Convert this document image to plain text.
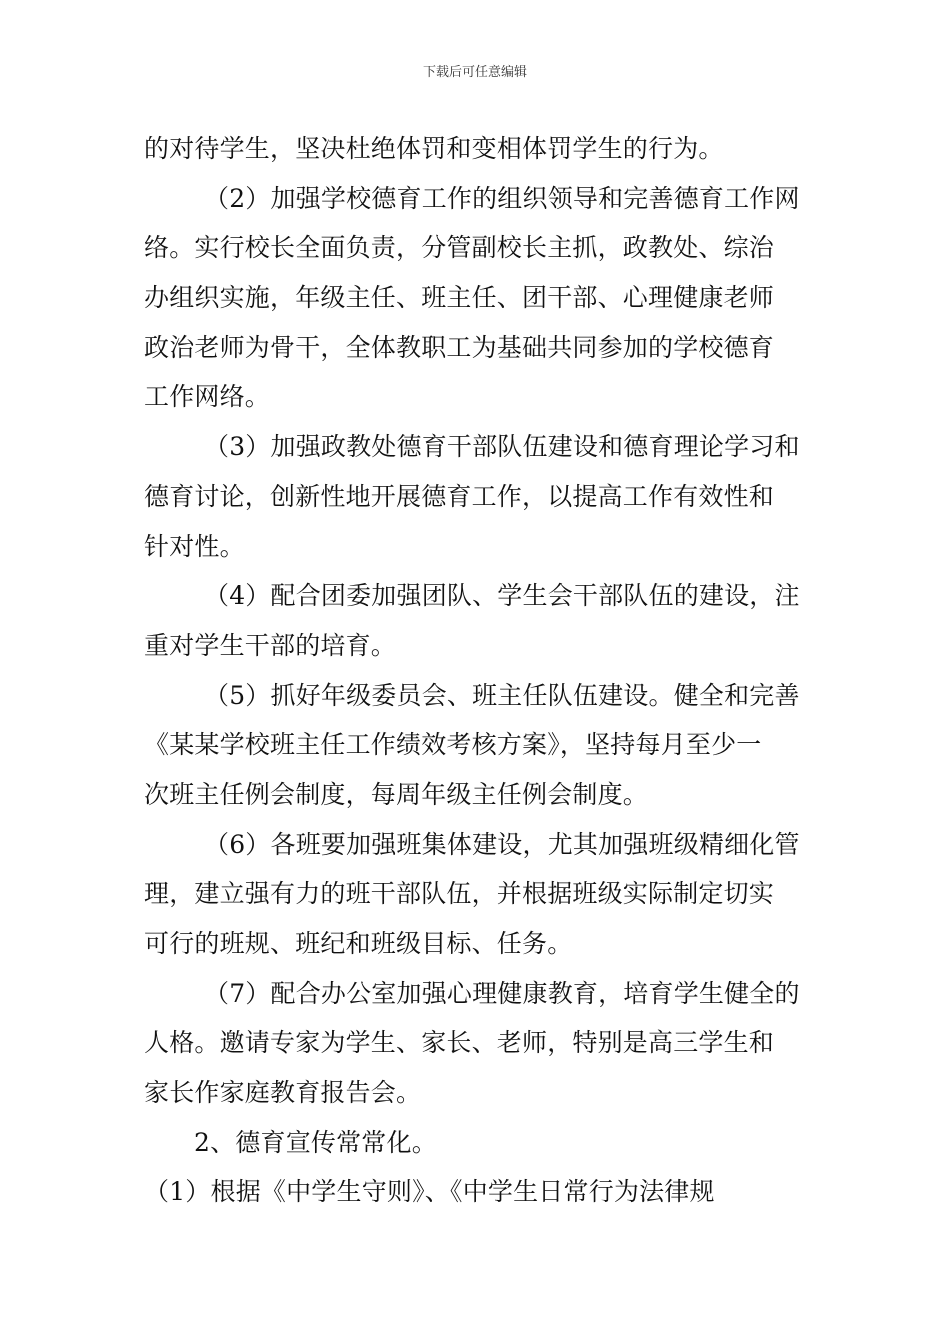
下载后可任意编辑
的对待学生，坚决杜绝体罚和变相体罚学生的行为。
（2）加强学校德育工作的组织领导和完善德育工作网
络。实行校长全面负责，分管副校长主抓，政教处、综治
办组织实施，年级主任、班主任、团干部、心理健康老师
政治老师为骨干，全体教职工为基础共同参加的学校德育
工作网络。
（3）加强政教处德育干部队伍建设和德育理论学习和
德育讨论，创新性地开展德育工作，以提高工作有效性和
针对性。
（4）配合团委加强团队、学生会干部队伍的建设，注
重对学生干部的培育。
（5）抓好年级委员会、班主任队伍建设。健全和完善
《某某学校班主任工作绩效考核方案》，坚持每月至少一
次班主任例会制度，每周年级主任例会制度。
（6）各班要加强班集体建设，尤其加强班级精细化管
理，建立强有力的班干部队伍，并根据班级实际制定切实
可行的班规、班纪和班级目标、任务。
（7）配合办公室加强心理健康教育，培育学生健全的
人格。邀请专家为学生、家长、老师，特别是高三学生和
家长作家庭教育报告会。
2、德育宣传常常化。
（1）根据《中学生守则》、《中学生日常行为法律规
